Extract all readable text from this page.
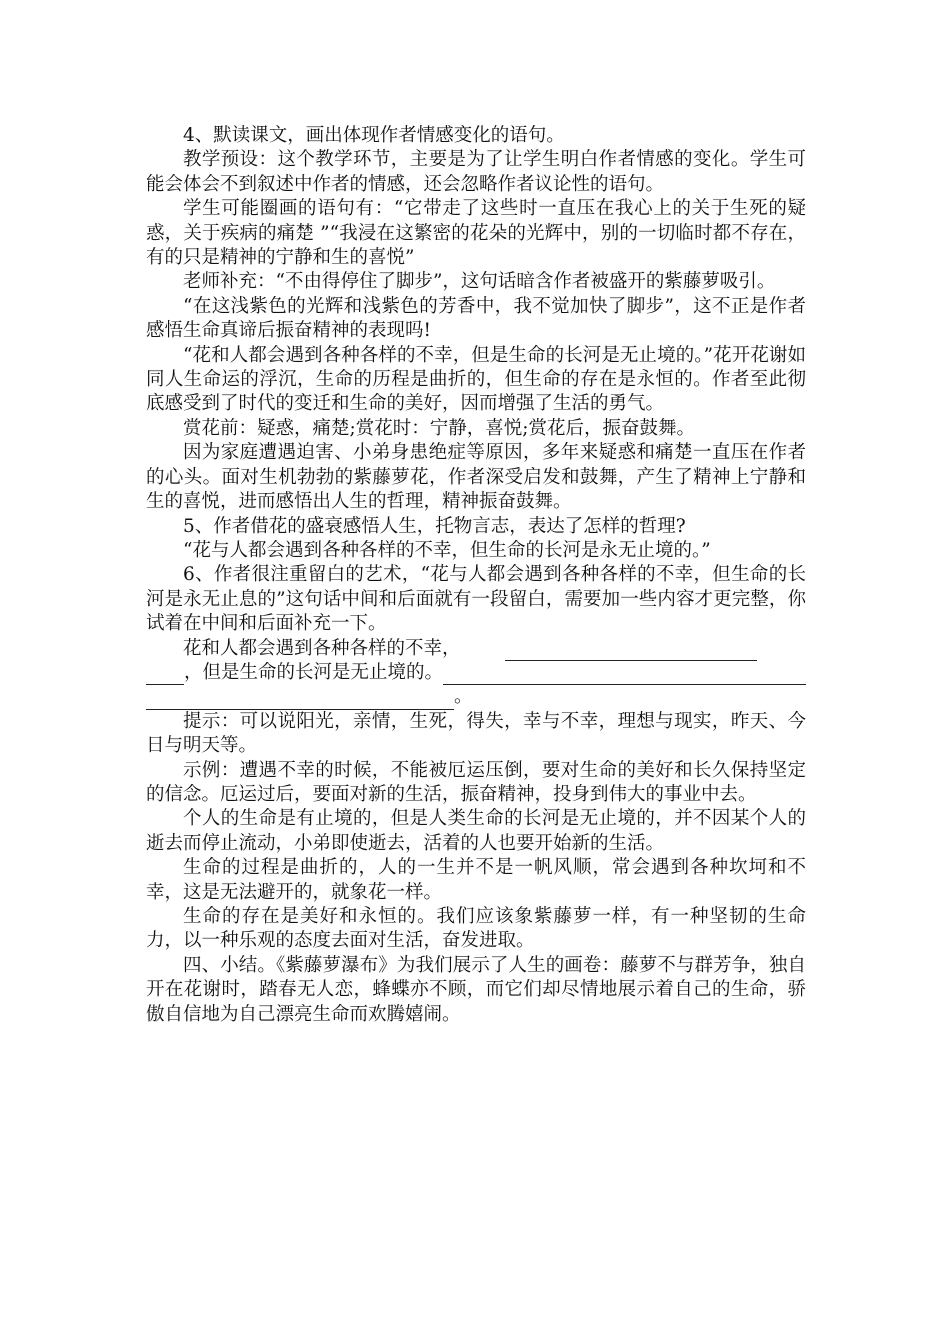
4、默读课文，画出体现作者情感变化的语句。

教学预设：这个教学环节，主要是为了让学生明白作者情感的变化。学生可能会体会不到叙述中作者的情感，还会忽略作者议论性的语句。

学生可能圈画的语句有：“它带走了这些时一直压在我心上的关于生死的疑惑，关于疾病的痛楚 ”“我浸在这繁密的花朵的光辉中，别的一切临时都不存在，有的只是精神的宁静和生的喜悦”

老师补充：“不由得停住了脚步”，这句话暗含作者被盛开的紫藤萝吸引。

“在这浅紫色的光辉和浅紫色的芳香中，我不觉加快了脚步”，这不正是作者感悟生命真谛后振奋精神的表现吗!

“花和人都会遇到各种各样的不幸，但是生命的长河是无止境的。”花开花谢如同人生命运的浮沉，生命的历程是曲折的，但生命的存在是永恒的。作者至此彻底感受到了时代的变迁和生命的美好，因而增强了生活的勇气。

赏花前：疑惑，痛楚;赏花时：宁静，喜悦;赏花后，振奋鼓舞。

因为家庭遭遇迫害、小弟身患绝症等原因，多年来疑惑和痛楚一直压在作者的心头。面对生机勃勃的紫藤萝花，作者深受启发和鼓舞，产生了精神上宁静和生的喜悦，进而感悟出人生的哲理，精神振奋鼓舞。

5、作者借花的盛衰感悟人生，托物言志，表达了怎样的哲理?

“花与人都会遇到各种各样的不幸，但生命的长河是永无止境的。”

6、作者很注重留白的艺术，“花与人都会遇到各种各样的不幸，但生命的长河是永无止息的”这句话中间和后面就有一段留白，需要加一些内容才更完整，你试着在中间和后面补充一下。

花和人都会遇到各种各样的不幸，
，但是生命的长河是无止境的。
。

提示：可以说阳光，亲情，生死，得失，幸与不幸，理想与现实，昨天、今日与明天等。

示例：遭遇不幸的时候，不能被厄运压倒，要对生命的美好和长久保持坚定的信念。厄运过后，要面对新的生活，振奋精神，投身到伟大的事业中去。

个人的生命是有止境的，但是人类生命的长河是无止境的，并不因某个人的逝去而停止流动，小弟即使逝去，活着的人也要开始新的生活。

生命的过程是曲折的，人的一生并不是一帆风顺，常会遇到各种坎坷和不幸，这是无法避开的，就象花一样。

生命的存在是美好和永恒的。我们应该象紫藤萝一样，有一种坚韧的生命力，以一种乐观的态度去面对生活，奋发进取。

四、小结。《紫藤萝瀑布》为我们展示了人生的画卷：藤萝不与群芳争，独自开在花谢时，踏春无人恋，蜂蝶亦不顾，而它们却尽情地展示着自己的生命，骄傲自信地为自己漂亮生命而欢腾嬉闹。
